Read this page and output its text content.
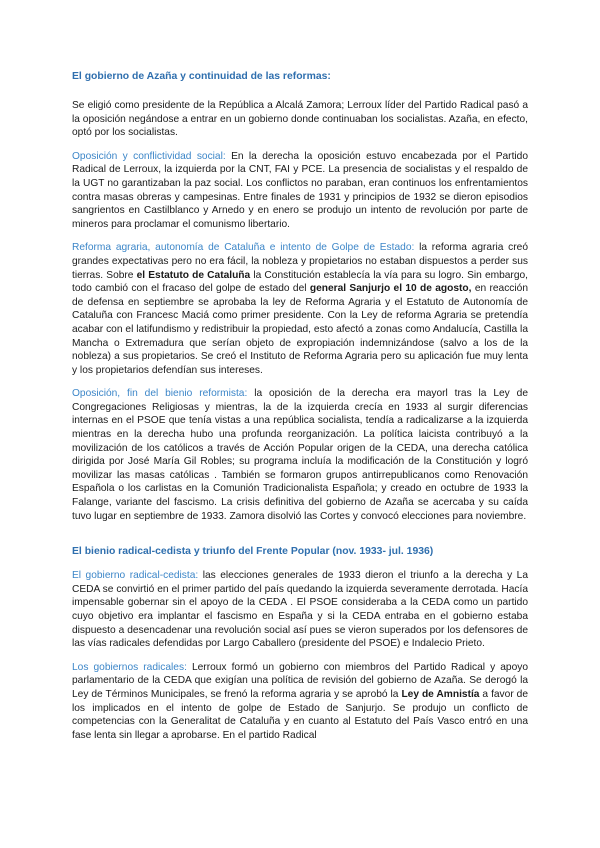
El gobierno de Azaña y continuidad de las reformas:

Se eligió como presidente de la República a Alcalá Zamora; Lerroux líder del Partido Radical pasó a la oposición negándose a entrar en un gobierno donde continuaban los socialistas. Azaña, en efecto, optó por los socialistas.

Oposición y conflictividad social: En la derecha la oposición estuvo encabezada por el Partido Radical de Lerroux, la izquierda por la CNT, FAI y PCE. La presencia de socialistas y el respaldo de la UGT no garantizaban la paz social. Los conflictos no paraban, eran continuos los enfrentamientos contra masas obreras y campesinas. Entre finales de 1931 y principios de 1932 se dieron episodios sangrientos en Castilblanco y Arnedo y en enero se produjo un intento de revolución por parte de mineros para proclamar el comunismo libertario.

Reforma agraria, autonomía de Cataluña e intento de Golpe de Estado: la reforma agraria creó grandes expectativas pero no era fácil, la nobleza y propietarios no estaban dispuestos a perder sus tierras. Sobre el Estatuto de Cataluña la Constitución establecía la vía para su logro. Sin embargo, todo cambió con el fracaso del golpe de estado del general Sanjurjo el 10 de agosto, en reacción de defensa en septiembre se aprobaba la ley de Reforma Agraria y el Estatuto de Autonomía de Cataluña con Francesc Maciá como primer presidente. Con la Ley de reforma Agraria se pretendía acabar con el latifundismo y redistribuir la propiedad, esto afectó a zonas como Andalucía, Castilla la Mancha o Extremadura que serían objeto de expropiación indemnizándose (salvo a los de la nobleza) a sus propietarios. Se creó el Instituto de Reforma Agraria pero su aplicación fue muy lenta y los propietarios defendían sus intereses.

Oposición, fin del bienio reformista: la oposición de la derecha era mayorl tras la Ley de Congregaciones Religiosas y mientras, la de la izquierda crecía en 1933 al surgir diferencias internas en el PSOE que tenía vistas a una república socialista, tendía a radicalizarse a la izquierda mientras en la derecha hubo una profunda reorganización. La política laicista contribuyó a la movilización de los católicos a través de Acción Popular origen de la CEDA, una derecha católica dirigida por José María Gil Robles; su programa incluía la modificación de la Constitución y logró movilizar las masas católicas . También se formaron grupos antirrepublicanos como Renovación Española o los carlistas en la Comunión Tradicionalista Española; y creado en octubre de 1933 la Falange, variante del fascismo. La crisis definitiva del gobierno de Azaña se acercaba y su caída tuvo lugar en septiembre de 1933. Zamora disolvió las Cortes y convocó elecciones para noviembre.

El bienio radical-cedista y triunfo del Frente Popular (nov. 1933- jul. 1936)

El gobierno radical-cedista: las elecciones generales de 1933 dieron el triunfo a la derecha y La CEDA se convirtió en el primer partido del país quedando la izquierda severamente derrotada. Hacía impensable gobernar sin el apoyo de la CEDA . El PSOE consideraba a la CEDA como un partido cuyo objetivo era implantar el fascismo en España y si la CEDA entraba en el gobierno estaba dispuesto a desencadenar una revolución social así pues se vieron superados por los defensores de las vías radicales defendidas por Largo Caballero (presidente del PSOE) e Indalecio Prieto.

Los gobiernos radicales: Lerroux formó un gobierno con miembros del Partido Radical y apoyo parlamentario de la CEDA que exigían una política de revisión del gobierno de Azaña. Se derogó la Ley de Términos Municipales, se frenó la reforma agraria y se aprobó la Ley de Amnistía a favor de los implicados en el intento de golpe de Estado de Sanjurjo. Se produjo un conflicto de competencias con la Generalitat de Cataluña y en cuanto al Estatuto del País Vasco entró en una fase lenta sin llegar a aprobarse. En el partido Radical
